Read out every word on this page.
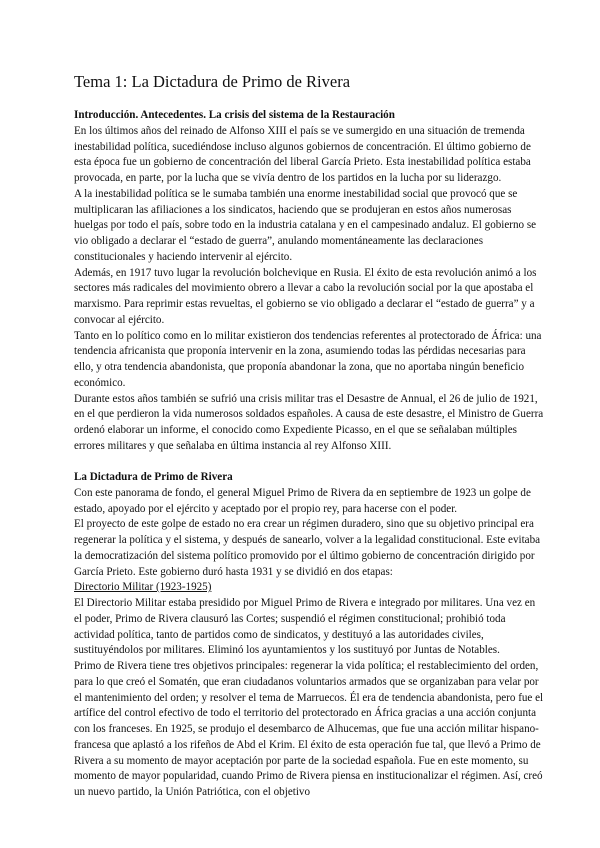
Tema 1: La Dictadura de Primo de Rivera

Introducción. Antecedentes. La crisis del sistema de la Restauración

En los últimos años del reinado de Alfonso XIII el país se ve sumergido en una situación de tremenda inestabilidad política, sucediéndose incluso algunos gobiernos de concentración. El último gobierno de esta época fue un gobierno de concentración del liberal García Prieto. Esta inestabilidad política estaba provocada, en parte, por la lucha que se vivía dentro de los partidos en la lucha por su liderazgo.

A la inestabilidad política se le sumaba también una enorme inestabilidad social que provocó que se multiplicaran las afiliaciones a los sindicatos, haciendo que se produjeran en estos años numerosas huelgas por todo el país, sobre todo en la industria catalana y en el campesinado andaluz. El gobierno se vio obligado a declarar el “estado de guerra”, anulando momentáneamente las declaraciones constitucionales y haciendo intervenir al ejército.

Además, en 1917 tuvo lugar la revolución bolchevique en Rusia. El éxito de esta revolución animó a los sectores más radicales del movimiento obrero a llevar a cabo la revolución social por la que apostaba el marxismo. Para reprimir estas revueltas, el gobierno se vio obligado a declarar el “estado de guerra” y a convocar al ejército.

Tanto en lo político como en lo militar existieron dos tendencias referentes al protectorado de África: una tendencia africanista que proponía intervenir en la zona, asumiendo todas las pérdidas necesarias para ello, y otra tendencia abandonista, que proponía abandonar la zona, que no aportaba ningún beneficio económico.

Durante estos años también se sufrió una crisis militar tras el Desastre de Annual, el 26 de julio de 1921, en el que perdieron la vida numerosos soldados españoles. A causa de este desastre, el Ministro de Guerra ordenó elaborar un informe, el conocido como Expediente Picasso, en el que se señalaban múltiples errores militares y que señalaba en última instancia al rey Alfonso XIII.

La Dictadura de Primo de Rivera

Con este panorama de fondo, el general Miguel Primo de Rivera da en septiembre de 1923 un golpe de estado, apoyado por el ejército y aceptado por el propio rey, para hacerse con el poder.

El proyecto de este golpe de estado no era crear un régimen duradero, sino que su objetivo principal era regenerar la política y el sistema, y después de sanearlo, volver a la legalidad constitucional. Este evitaba la democratización del sistema político promovido por el último gobierno de concentración dirigido por García Prieto. Este gobierno duró hasta 1931 y se dividió en dos etapas:

Directorio Militar (1923-1925)

El Directorio Militar estaba presidido por Miguel Primo de Rivera e integrado por militares. Una vez en el poder, Primo de Rivera clausuró las Cortes; suspendió el régimen constitucional; prohibió toda actividad política, tanto de partidos como de sindicatos, y destituyó a las autoridades civiles, sustituyéndolos por militares. Eliminó los ayuntamientos y los sustituyó por Juntas de Notables.

Primo de Rivera tiene tres objetivos principales: regenerar la vida política; el restablecimiento del orden, para lo que creó el Somatén, que eran ciudadanos voluntarios armados que se organizaban para velar por el mantenimiento del orden; y resolver el tema de Marruecos. Él era de tendencia abandonista, pero fue el artífice del control efectivo de todo el territorio del protectorado en África gracias a una acción conjunta con los franceses. En 1925, se produjo el desembarco de Alhucemas, que fue una acción militar hispano-francesa que aplastó a los rifeños de Abd el Krim. El éxito de esta operación fue tal, que llevó a Primo de Rivera a su momento de mayor aceptación por parte de la sociedad española. Fue en este momento, su momento de mayor popularidad, cuando Primo de Rivera piensa en institucionalizar el régimen. Así, creó un nuevo partido, la Unión Patriótica, con el objetivo
